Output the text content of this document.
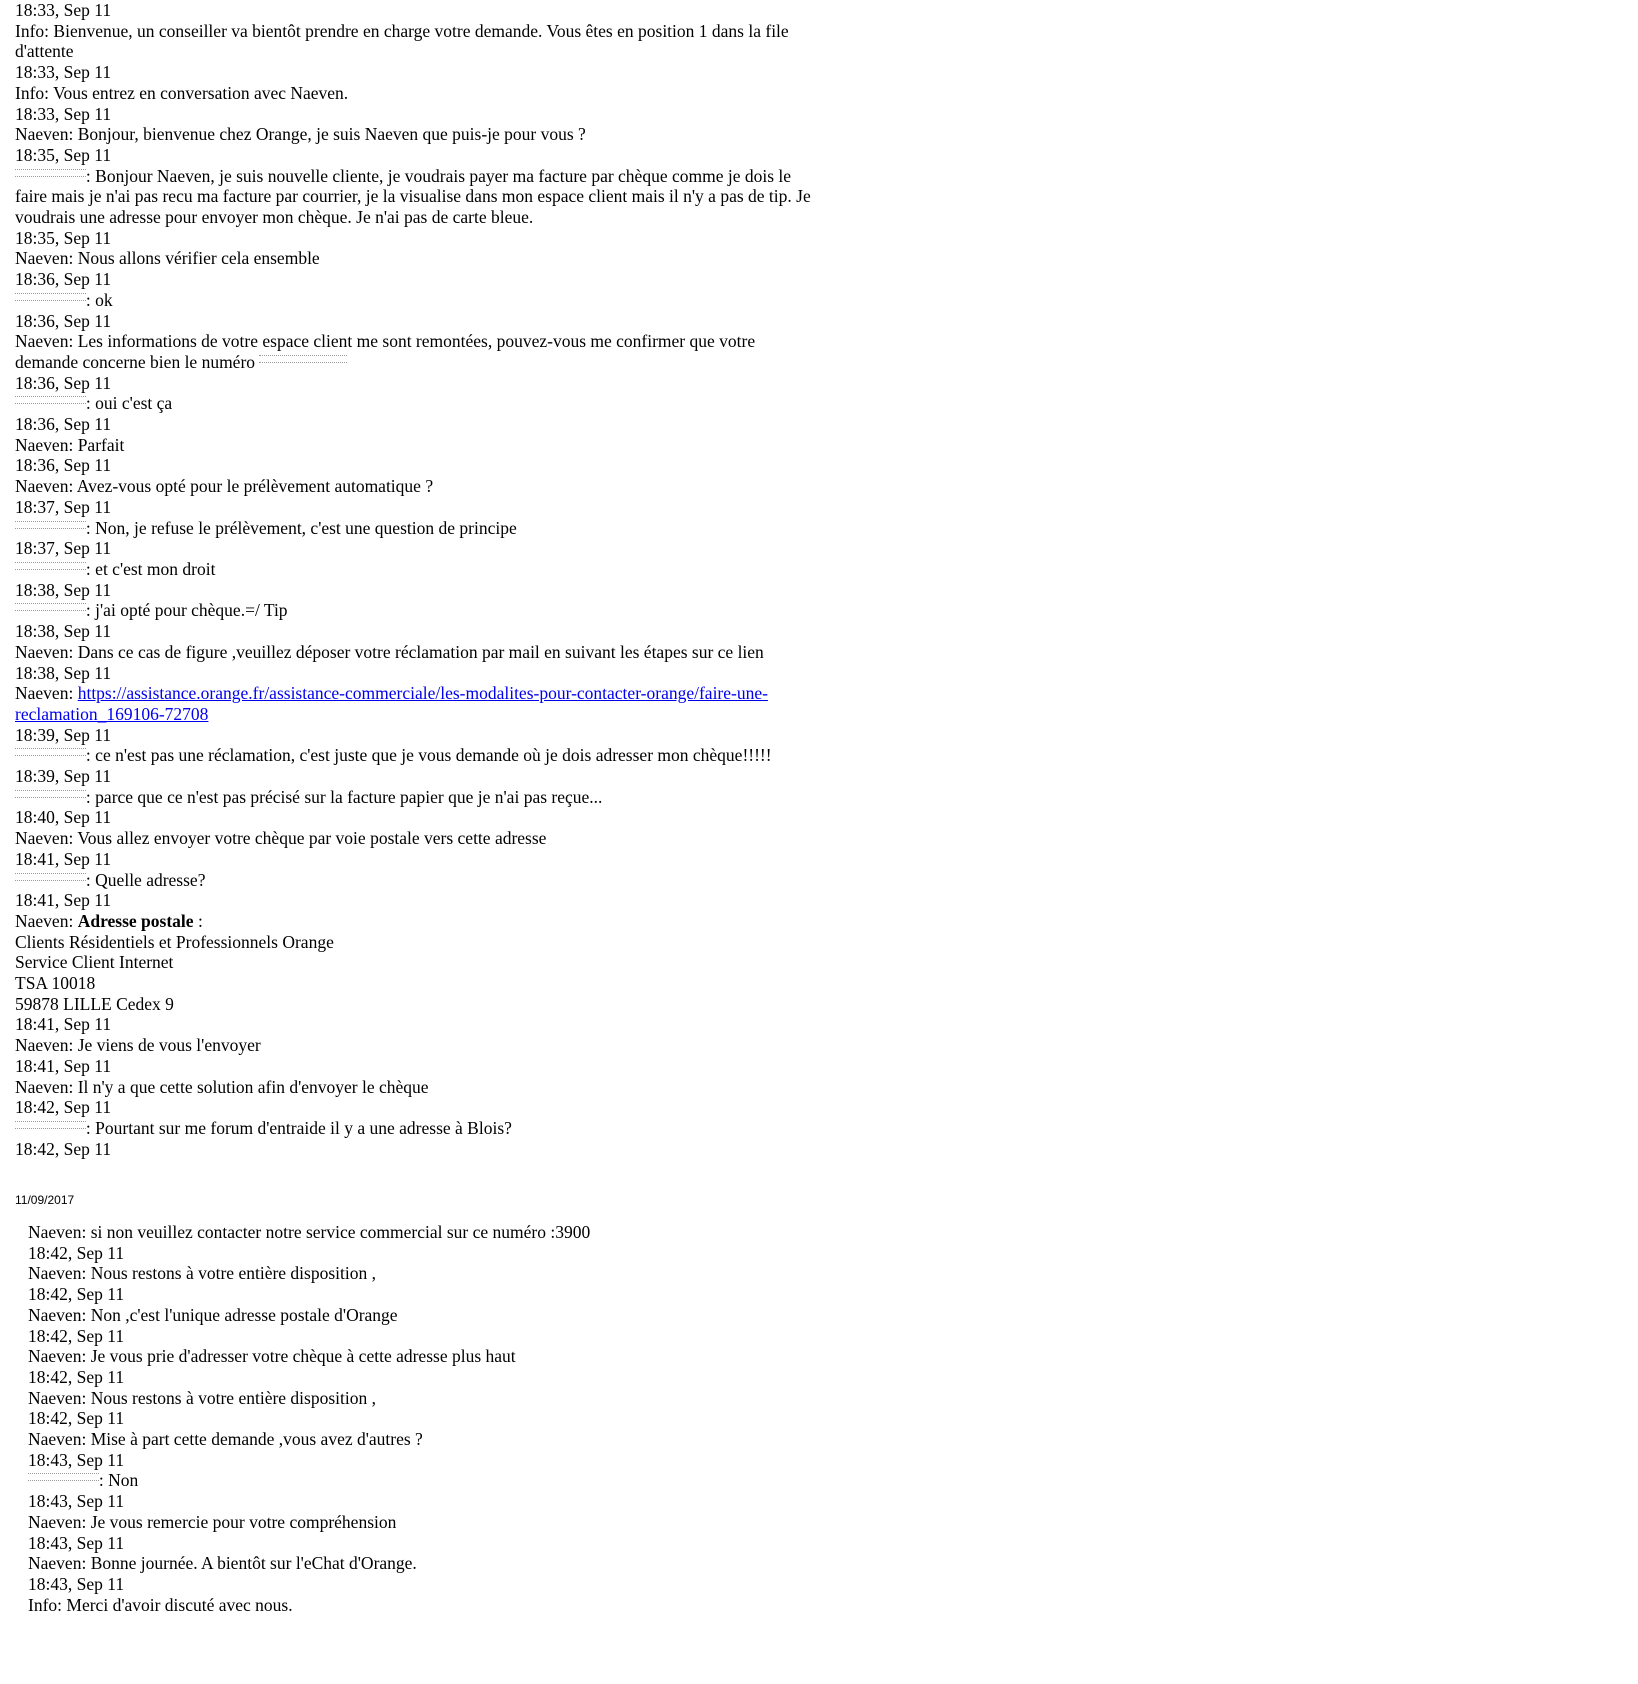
18:33, Sep 11

Info: Bienvenue, un conseiller va bientôt prendre en charge votre demande. Vous êtes en position 1 dans la file d'attente

18:33, Sep 11

Info: Vous entrez en conversation avec Naeven.

18:33, Sep 11

Naeven: Bonjour, bienvenue chez Orange, je suis Naeven que puis-je pour vous ?

18:35, Sep 11

: Bonjour Naeven, je suis nouvelle cliente, je voudrais payer ma facture par chèque comme je dois le faire mais je n'ai pas recu ma facture par courrier, je la visualise dans mon espace client mais il n'y a pas de tip. Je voudrais une adresse pour envoyer mon chèque. Je n'ai pas de carte bleue.

18:35, Sep 11

Naeven: Nous allons vérifier cela ensemble

18:36, Sep 11

: ok

18:36, Sep 11

Naeven: Les informations de votre espace client me sont remontées, pouvez-vous me confirmer que votre demande concerne bien le numéro

18:36, Sep 11

: oui c'est ça

18:36, Sep 11

Naeven: Parfait

18:36, Sep 11

Naeven: Avez-vous opté pour le prélèvement automatique ?

18:37, Sep 11

: Non, je refuse le prélèvement, c'est une question de principe

18:37, Sep 11

: et c'est mon droit

18:38, Sep 11

: j'ai opté pour chèque.=/ Tip

18:38, Sep 11

Naeven: Dans ce cas de figure ,veuillez déposer votre réclamation par mail en suivant les étapes sur ce lien

18:38, Sep 11

Naeven: https://assistance.orange.fr/assistance-commerciale/les-modalites-pour-contacter-orange/faire-une-reclamation_169106-72708

18:39, Sep 11

: ce n'est pas une réclamation, c'est juste que je vous demande où je dois adresser mon chèque!!!!!

18:39, Sep 11

: parce que ce n'est pas précisé sur la facture papier que je n'ai pas reçue...

18:40, Sep 11

Naeven: Vous allez envoyer votre chèque par voie postale vers cette adresse

18:41, Sep 11

: Quelle adresse?

18:41, Sep 11

Naeven: Adresse postale :

Clients Résidentiels et Professionnels Orange

Service Client Internet

TSA 10018

59878 LILLE Cedex 9

18:41, Sep 11

Naeven: Je viens de vous l'envoyer

18:41, Sep 11

Naeven: Il n'y a que cette solution afin d'envoyer le chèque

18:42, Sep 11

: Pourtant sur me forum d'entraide il y a une adresse à Blois?

18:42, Sep 11

11/09/2017

Naeven: si non veuillez contacter notre service commercial sur ce numéro :3900

18:42, Sep 11

Naeven: Nous restons à votre entière disposition ,

18:42, Sep 11

Naeven: Non ,c'est l'unique adresse postale d'Orange

18:42, Sep 11

Naeven: Je vous prie d'adresser votre chèque à cette adresse plus haut

18:42, Sep 11

Naeven: Nous restons à votre entière disposition ,

18:42, Sep 11

Naeven: Mise à part cette demande ,vous avez d'autres ?

18:43, Sep 11

: Non

18:43, Sep 11

Naeven: Je vous remercie pour votre compréhension

18:43, Sep 11

Naeven: Bonne journée. A bientôt sur l'eChat d'Orange.

18:43, Sep 11

Info: Merci d'avoir discuté avec nous.
